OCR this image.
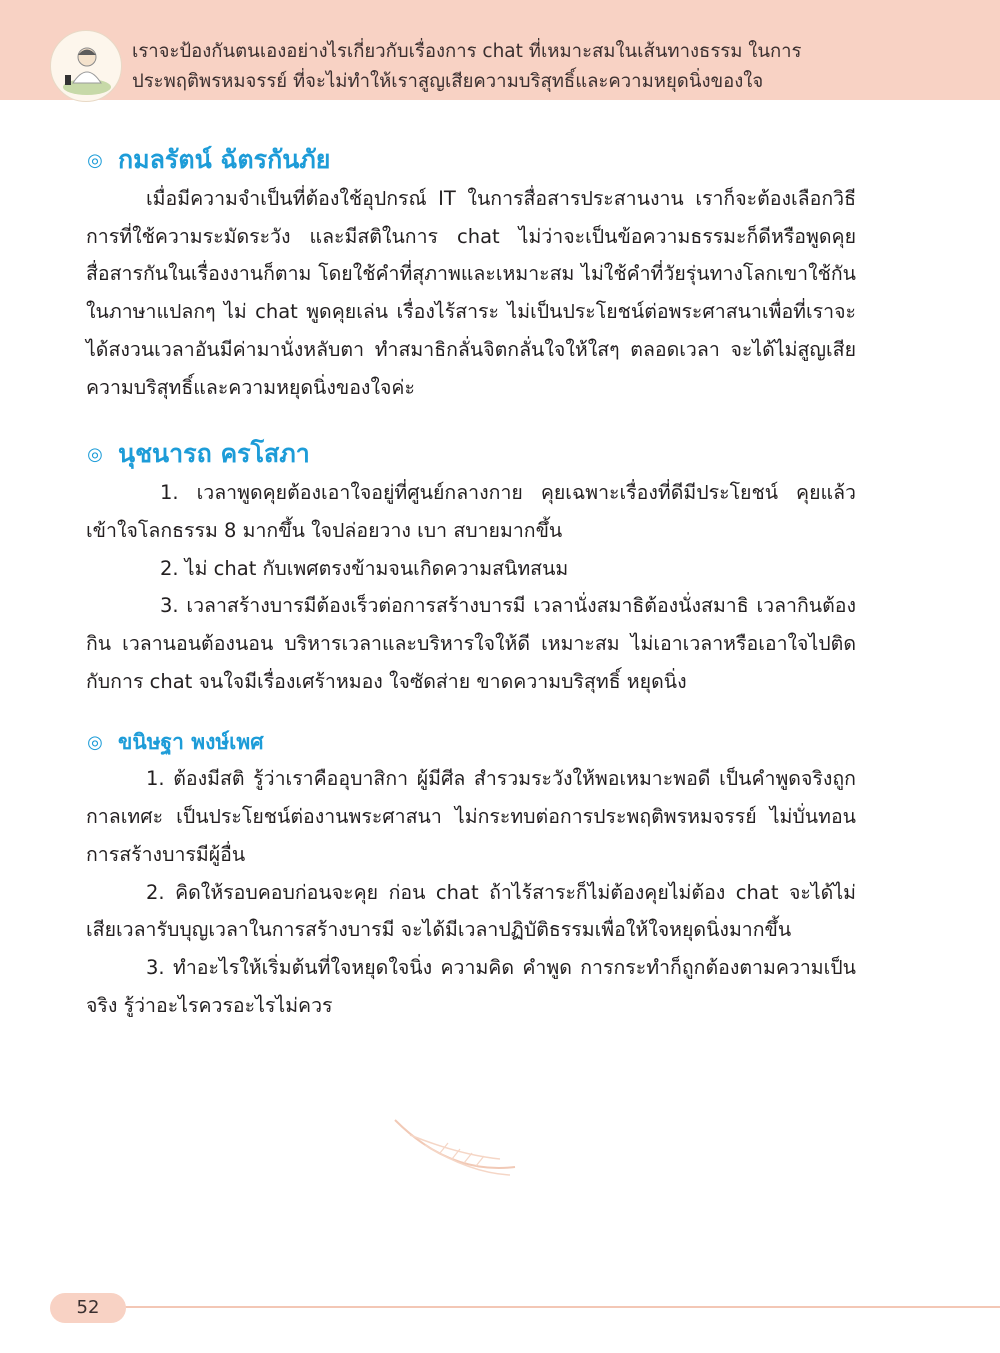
เราจะป้องกันตนเองอย่างไรเกี่ยวกับเรื่องการ chat ที่เหมาะสมในเส้นทางธรรม ในการ
ประพฤติพรหมจรรย์ ที่จะไม่ทำให้เราสูญเสียความบริสุทธิ์และความหยุดนิ่งของใจ
◎ กมลรัตน์ ฉัตรกันภัย

เมื่อมีความจำเป็นที่ต้องใช้อุปกรณ์ IT ในการสื่อสารประสานงาน เราก็จะต้องเลือกวิธีการที่ใช้ความระมัดระวัง และมีสติในการ chat ไม่ว่าจะเป็นข้อความธรรมะก็ดีหรือพูดคุยสื่อสารกันในเรื่องงานก็ตาม โดยใช้คำที่สุภาพและเหมาะสม ไม่ใช้คำที่วัยรุ่นทางโลกเขาใช้กันในภาษาแปลกๆ ไม่ chat พูดคุยเล่น เรื่องไร้สาระ ไม่เป็นประโยชน์ต่อพระศาสนาเพื่อที่เราจะได้สงวนเวลาอันมีค่ามานั่งหลับตา ทำสมาธิกลั่นจิตกลั่นใจให้ใสๆ ตลอดเวลา จะได้ไม่สูญเสียความบริสุทธิ์และความหยุดนิ่งของใจค่ะ

◎ นุชนารถ ครโสภา

1. เวลาพูดคุยต้องเอาใจอยู่ที่ศูนย์กลางกาย คุยเฉพาะเรื่องที่ดีมีประโยชน์ คุยแล้วเข้าใจโลกธรรม 8 มากขึ้น ใจปล่อยวาง เบา สบายมากขึ้น

2. ไม่ chat กับเพศตรงข้ามจนเกิดความสนิทสนม

3. เวลาสร้างบารมีต้องเร็วต่อการสร้างบารมี เวลานั่งสมาธิต้องนั่งสมาธิ เวลากินต้องกิน เวลานอนต้องนอน บริหารเวลาและบริหารใจให้ดี เหมาะสม ไม่เอาเวลาหรือเอาใจไปติดกับการ chat จนใจมีเรื่องเศร้าหมอง ใจซัดส่าย ขาดความบริสุทธิ์ หยุดนิ่ง

◎ ขนิษฐา พงษ์เพศ

1. ต้องมีสติ รู้ว่าเราคืออุบาสิกา ผู้มีศีล สำรวมระวังให้พอเหมาะพอดี เป็นคำพูดจริงถูกกาลเทศะ เป็นประโยชน์ต่องานพระศาสนา ไม่กระทบต่อการประพฤติพรหมจรรย์ ไม่บั่นทอนการสร้างบารมีผู้อื่น

2. คิดให้รอบคอบก่อนจะคุย ก่อน chat ถ้าไร้สาระก็ไม่ต้องคุยไม่ต้อง chat จะได้ไม่เสียเวลารับบุญเวลาในการสร้างบารมี จะได้มีเวลาปฏิบัติธรรมเพื่อให้ใจหยุดนิ่งมากขึ้น

3. ทำอะไรให้เริ่มต้นที่ใจหยุดใจนิ่ง ความคิด คำพูด การกระทำก็ถูกต้องตามความเป็นจริง รู้ว่าอะไรควรอะไรไม่ควร

52
